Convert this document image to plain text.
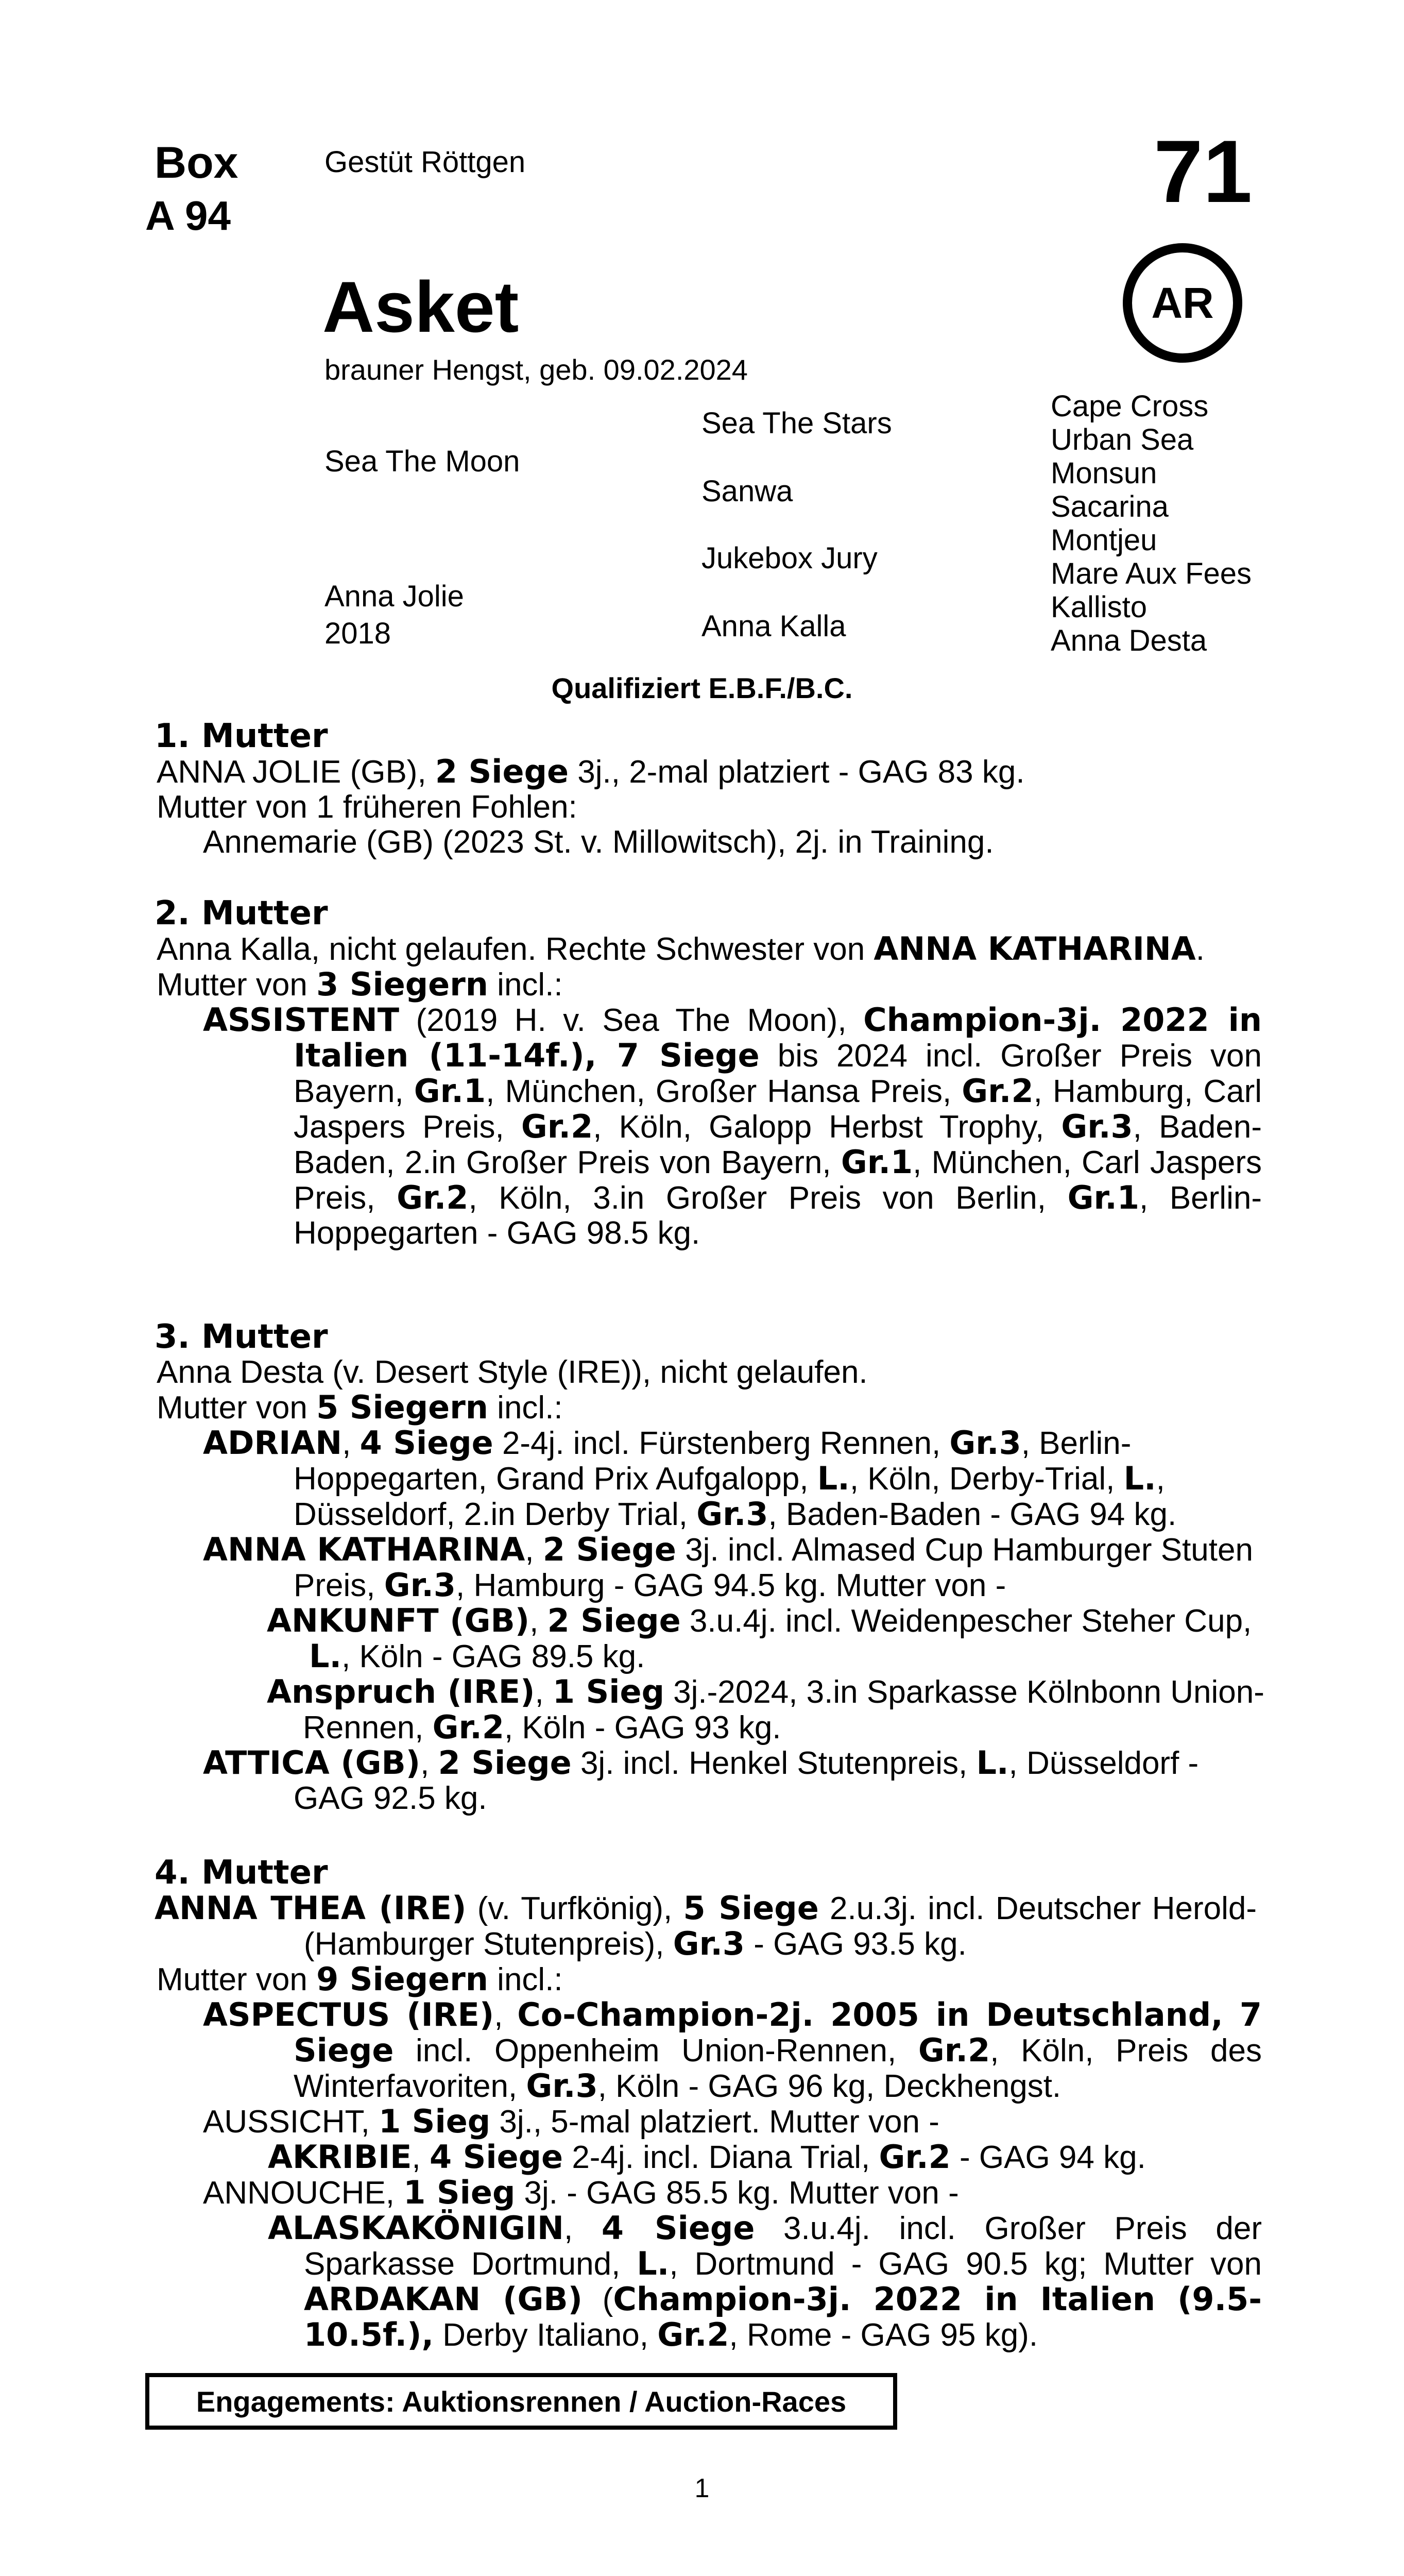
Box
A 94
Gestüt Röttgen	71
AR
Asket
brauner Hengst, geb. 09.02.2024
Sea The Moon
Anna Jolie
2018
Sea The Stars
Sanwa
Jukebox Jury
Anna Kalla
Cape Cross
Urban Sea
Monsun
Sacarina
Montjeu
Mare Aux Fees
Kallisto
Anna Desta
Qualifiziert E.B.F./B.C.
1. Mutter
ANNA JOLIE (GB), 2 Siege 3j., 2-mal platziert - GAG 83 kg.
Mutter von 1 früheren Fohlen:
Annemarie (GB) (2023 St. v. Millowitsch), 2j. in Training.
2. Mutter
Anna Kalla, nicht gelaufen. Rechte Schwester von ANNA KATHARINA.
Mutter von 3 Siegern incl.:
ASSISTENT (2019 H. v. Sea The Moon), Champion-3j. 2022 in Italien (11-14f.), 7 Siege bis 2024 incl. Großer Preis von Bayern, Gr.1, München, Großer Hansa Preis, Gr.2, Hamburg, Carl Jaspers Preis, Gr.2, Köln, Galopp Herbst Trophy, Gr.3, Baden-Baden, 2.in Großer Preis von Bayern, Gr.1, München, Carl Jaspers Preis, Gr.2, Köln, 3.in Großer Preis von Berlin, Gr.1, Berlin-Hoppegarten - GAG 98.5 kg.
3. Mutter
Anna Desta (v. Desert Style (IRE)), nicht gelaufen.
Mutter von 5 Siegern incl.:
ADRIAN, 4 Siege 2-4j. incl. Fürstenberg Rennen, Gr.3, Berlin-Hoppegarten, Grand Prix Aufgalopp, L., Köln, Derby-Trial, L., Düsseldorf, 2.in Derby Trial, Gr.3, Baden-Baden - GAG 94 kg.
ANNA KATHARINA, 2 Siege 3j. incl. Almased Cup Hamburger Stuten Preis, Gr.3, Hamburg - GAG 94.5 kg. Mutter von -
ANKUNFT (GB), 2 Siege 3.u.4j. incl. Weidenpescher Steher Cup, L., Köln - GAG 89.5 kg.
Anspruch (IRE), 1 Sieg 3j.-2024, 3.in Sparkasse Kölnbonn Union-Rennen, Gr.2, Köln - GAG 93 kg.
ATTICA (GB), 2 Siege 3j. incl. Henkel Stutenpreis, L., Düsseldorf - GAG 92.5 kg.
4. Mutter
ANNA THEA (IRE) (v. Turfkönig), 5 Siege 2.u.3j. incl. Deutscher Herold-(Hamburger Stutenpreis), Gr.3 - GAG 93.5 kg.
Mutter von 9 Siegern incl.:
ASPECTUS (IRE), Co-Champion-2j. 2005 in Deutschland, 7 Siege incl. Oppenheim Union-Rennen, Gr.2, Köln, Preis des Winterfavoriten, Gr.3, Köln - GAG 96 kg, Deckhengst.
AUSSICHT, 1 Sieg 3j., 5-mal platziert. Mutter von -
AKRIBIE, 4 Siege 2-4j. incl. Diana Trial, Gr.2 - GAG 94 kg.
ANNOUCHE, 1 Sieg 3j. - GAG 85.5 kg. Mutter von -
ALASKAKÖNIGIN, 4 Siege 3.u.4j. incl. Großer Preis der Sparkasse Dortmund, L., Dortmund - GAG 90.5 kg; Mutter von ARDAKAN (GB) (Champion-3j. 2022 in Italien (9.5-10.5f.), Derby Italiano, Gr.2, Rome - GAG 95 kg).
Engagements: Auktionsrennen / Auction-Races
1
